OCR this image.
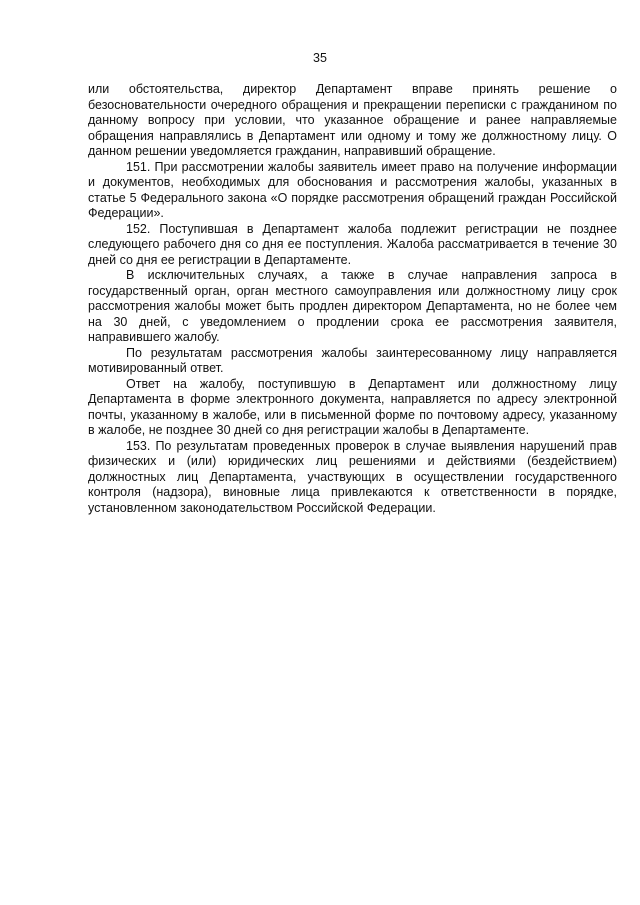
35

или обстоятельства, директор Департамент вправе принять решение о безосновательности очередного обращения и прекращении переписки с гражданином по данному вопросу при условии, что указанное обращение и ранее направляемые обращения направлялись в Департамент или одному и тому же должностному лицу. О данном решении уведомляется гражданин, направивший обращение.

151. При рассмотрении жалобы заявитель имеет право на получение информации и документов, необходимых для обоснования и рассмотрения жалобы, указанных в статье 5 Федерального закона «О порядке рассмотрения обращений граждан Российской Федерации».

152. Поступившая в Департамент жалоба подлежит регистрации не позднее следующего рабочего дня со дня ее поступления. Жалоба рассматривается в течение 30 дней со дня ее регистрации в Департаменте.

В исключительных случаях, а также в случае направления запроса в государственный орган, орган местного самоуправления или должностному лицу срок рассмотрения жалобы может быть продлен директором Департамента, но не более чем на 30 дней, с уведомлением о продлении срока ее рассмотрения заявителя, направившего жалобу.

По результатам рассмотрения жалобы заинтересованному лицу направляется мотивированный ответ.

Ответ на жалобу, поступившую в Департамент или должностному лицу Департамента в форме электронного документа, направляется по адресу электронной почты, указанному в жалобе, или в письменной форме по почтовому адресу, указанному в жалобе, не позднее 30 дней со дня регистрации жалобы в Департаменте.

153. По результатам проведенных проверок в случае выявления нарушений прав физических и (или) юридических лиц решениями и действиями (бездействием) должностных лиц Департамента, участвующих в осуществлении государственного контроля (надзора), виновные лица привлекаются к ответственности в порядке, установленном законодательством Российской Федерации.
